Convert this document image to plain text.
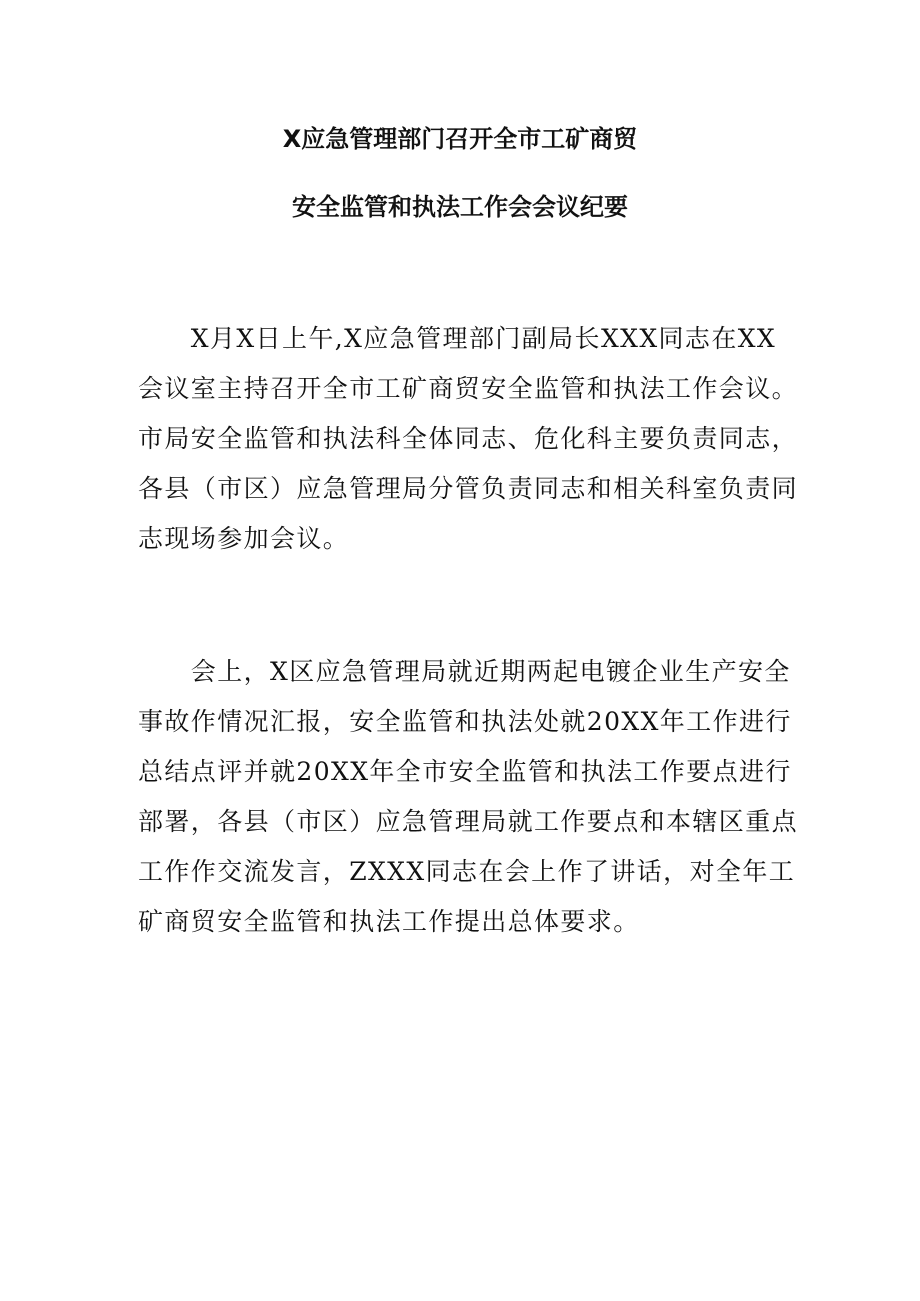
X应急管理部门召开全市工矿商贸
安全监管和执法工作会会议纪要
　　X月X日上午,X应急管理部门副局长XXX同志在XX
会议室主持召开全市工矿商贸安全监管和执法工作会议。
市局安全监管和执法科全体同志、危化科主要负责同志，
各县（市区）应急管理局分管负责同志和相关科室负责同
志现场参加会议。
　　会上，X区应急管理局就近期两起电镀企业生产安全
事故作情况汇报，安全监管和执法处就20XX年工作进行
总结点评并就20XX年全市安全监管和执法工作要点进行
部署，各县（市区）应急管理局就工作要点和本辖区重点
工作作交流发言，ZXXX同志在会上作了讲话，对全年工
矿商贸安全监管和执法工作提出总体要求。
